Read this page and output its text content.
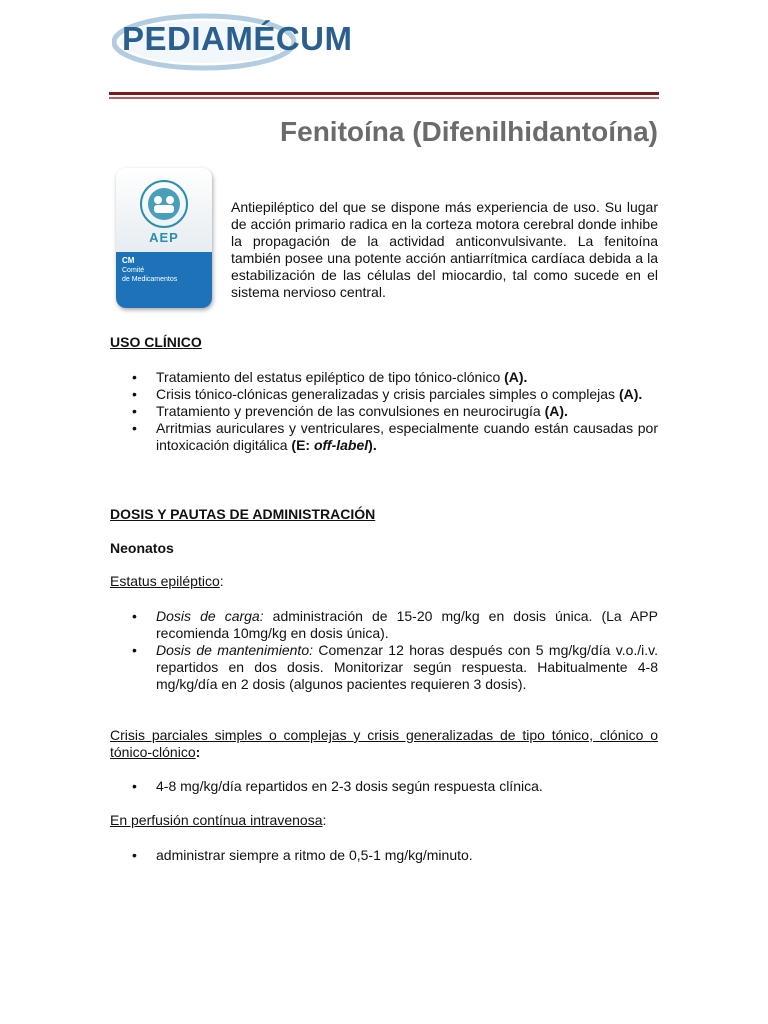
PEDIAMÉCUM
Fenitoína (Difenilhidantoína)
AEP
CM
Comité
de Medicamentos
Antiepiléptico del que se dispone más experiencia de uso. Su lugar de acción primario radica en la corteza motora cerebral donde inhibe la propagación de la actividad anticonvulsivante. La fenitoína también posee una potente acción antiarrítmica cardíaca debida a la estabilización de las células del miocardio, tal como sucede en el sistema nervioso central.
USO CLÍNICO
• Tratamiento del estatus epiléptico de tipo tónico-clónico (A).
• Crisis tónico-clónicas generalizadas y crisis parciales simples o complejas (A).
• Tratamiento y prevención de las convulsiones en neurocirugía (A).
• Arritmias auriculares y ventriculares, especialmente cuando están causadas por intoxicación digitálica (E: off-label).
DOSIS Y PAUTAS DE ADMINISTRACIÓN
Neonatos
Estatus epiléptico:
• Dosis de carga: administración de 15-20 mg/kg en dosis única. (La APP recomienda 10mg/kg en dosis única).
• Dosis de mantenimiento: Comenzar 12 horas después con 5 mg/kg/día v.o./i.v. repartidos en dos dosis. Monitorizar según respuesta. Habitualmente 4-8 mg/kg/día en 2 dosis (algunos pacientes requieren 3 dosis).
Crisis parciales simples o complejas y crisis generalizadas de tipo tónico, clónico o tónico-clónico:
• 4-8 mg/kg/día repartidos en 2-3 dosis según respuesta clínica.
En perfusión contínua intravenosa:
• administrar siempre a ritmo de 0,5-1 mg/kg/minuto.
